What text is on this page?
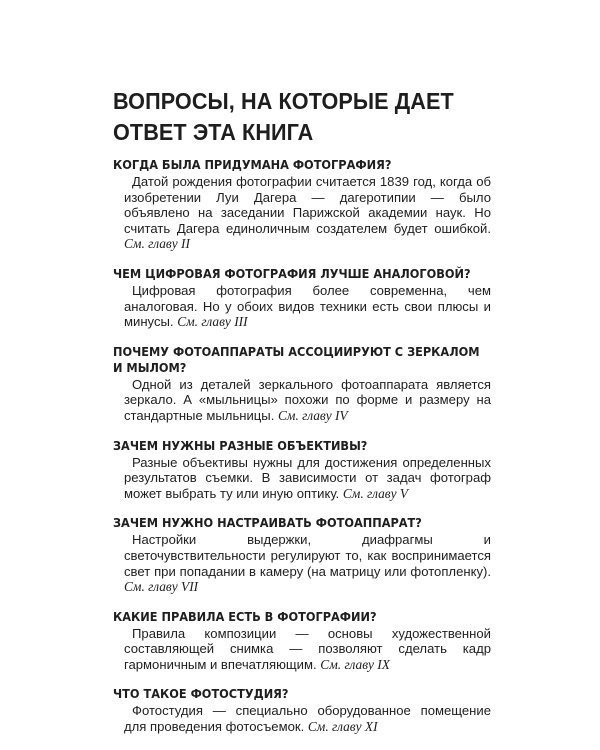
ВОПРОСЫ, НА КОТОРЫЕ ДАЕТ
ОТВЕТ ЭТА КНИГА
КОГДА БЫЛА ПРИДУМАНА ФОТОГРАФИЯ?

Датой рождения фотографии считается 1839 год, когда об изобретении Луи Дагера — дагеротипии — было объявлено на заседании Парижской академии наук. Но считать Дагера единоличным создателем будет ошибкой. См. главу II

ЧЕМ ЦИФРОВАЯ ФОТОГРАФИЯ ЛУЧШЕ АНАЛОГОВОЙ?

Цифровая фотография более современна, чем аналоговая. Но у обоих видов техники есть свои плюсы и минусы. См. главу III

ПОЧЕМУ ФОТОАППАРАТЫ АССОЦИИРУЮТ С ЗЕРКАЛОМ
И МЫЛОМ?

Одной из деталей зеркального фотоаппарата является зеркало. А «мыльницы» похожи по форме и размеру на стандартные мыльницы. См. главу IV

ЗАЧЕМ НУЖНЫ РАЗНЫЕ ОБЪЕКТИВЫ?

Разные объективы нужны для достижения определенных результатов съемки. В зависимости от задач фотограф может выбрать ту или иную оптику. См. главу V

ЗАЧЕМ НУЖНО НАСТРАИВАТЬ ФОТОАППАРАТ?

Настройки выдержки, диафрагмы и светочувствительности регулируют то, как воспринимается свет при попадании в камеру (на матрицу или фотопленку). См. главу VII

КАКИЕ ПРАВИЛА ЕСТЬ В ФОТОГРАФИИ?

Правила композиции — основы художественной составляющей снимка — позволяют сделать кадр гармоничным и впечатляющим. См. главу IX

ЧТО ТАКОЕ ФОТОСТУДИЯ?

Фотостудия — специально оборудованное помещение для проведения фотосъемок. См. главу XI
